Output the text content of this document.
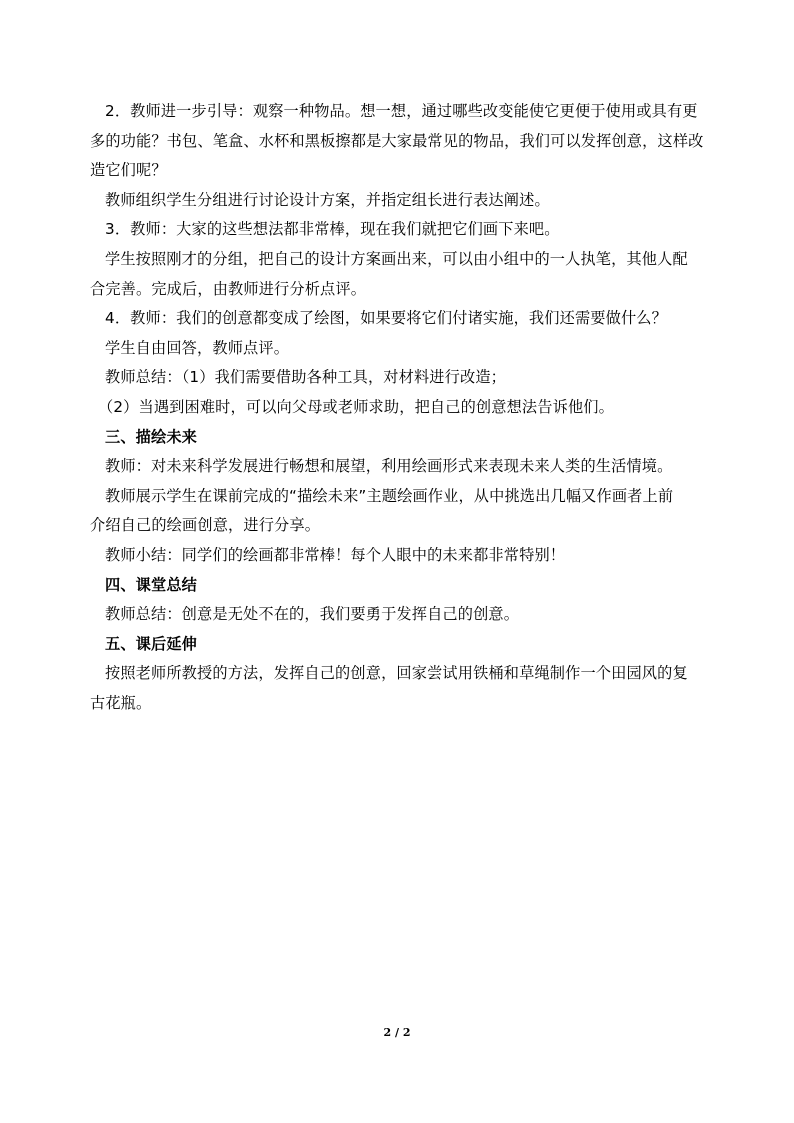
2．教师进一步引导：观察一种物品。想一想，通过哪些改变能使它更便于使用或具有更
多的功能？书包、笔盒、水杯和黑板擦都是大家最常见的物品，我们可以发挥创意，这样改
造它们呢？
教师组织学生分组进行讨论设计方案，并指定组长进行表达阐述。
3．教师：大家的这些想法都非常棒，现在我们就把它们画下来吧。
学生按照刚才的分组，把自己的设计方案画出来，可以由小组中的一人执笔，其他人配
合完善。完成后，由教师进行分析点评。
4．教师：我们的创意都变成了绘图，如果要将它们付诸实施，我们还需要做什么？
学生自由回答，教师点评。
教师总结：（1）我们需要借助各种工具，对材料进行改造；
（2）当遇到困难时，可以向父母或老师求助，把自己的创意想法告诉他们。
三、描绘未来
教师：对未来科学发展进行畅想和展望，利用绘画形式来表现未来人类的生活情境。
教师展示学生在课前完成的“描绘未来”主题绘画作业，从中挑选出几幅又作画者上前
介绍自己的绘画创意，进行分享。
教师小结：同学们的绘画都非常棒！每个人眼中的未来都非常特别！
四、课堂总结
教师总结：创意是无处不在的，我们要勇于发挥自己的创意。
五、课后延伸
按照老师所教授的方法，发挥自己的创意，回家尝试用铁桶和草绳制作一个田园风的复
古花瓶。
2 / 2
